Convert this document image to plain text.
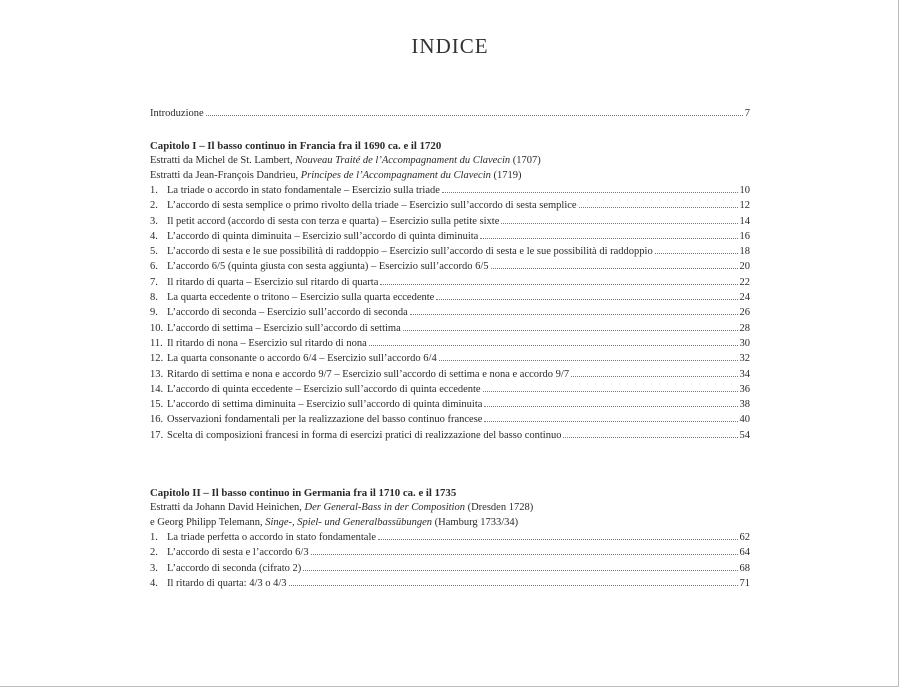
INDICE
Introduzione	7
Capitolo I – Il basso continuo in Francia fra il 1690 ca. e il 1720
Estratti da Michel de St. Lambert, Nouveau Traité de l’Accompagnament du Clavecin (1707)
Estratti da Jean-François Dandrieu, Principes de l’Accompagnament du Clavecin (1719)
1. La triade o accordo in stato fondamentale – Esercizio sulla triade	10
2. L’accordo di sesta semplice o primo rivolto della triade – Esercizio sull’accordo di sesta semplice	12
3. Il petit accord (accordo di sesta con terza e quarta) – Esercizio sulla petite sixte	14
4. L’accordo di quinta diminuita – Esercizio sull’accordo di quinta diminuita	16
5. L’accordo di sesta e le sue possibilità di raddoppio – Esercizio sull’accordo di sesta e le sue possibilità di raddoppio	18
6. L’accordo 6/5 (quinta giusta con sesta aggiunta) – Esercizio sull’accordo 6/5	20
7. Il ritardo di quarta – Esercizio sul ritardo di quarta	22
8. La quarta eccedente o tritono – Esercizio sulla quarta eccedente	24
9. L’accordo di seconda – Esercizio sull’accordo di seconda	26
10. L’accordo di settima – Esercizio sull’accordo di settima	28
11. Il ritardo di nona – Esercizio sul ritardo di nona	30
12. La quarta consonante o accordo 6/4 – Esercizio sull’accordo 6/4	32
13. Ritardo di settima e nona e accordo 9/7 – Esercizio sull’accordo di settima e nona e accordo 9/7	34
14. L’accordo di quinta eccedente – Esercizio sull’accordo di quinta eccedente	36
15. L’accordo di settima diminuita – Esercizio sull’accordo di quinta diminuita	38
16. Osservazioni fondamentali per la realizzazione del basso continuo francese	40
17. Scelta di composizioni francesi in forma di esercizi pratici di realizzazione del basso continuo	54
Capitolo II – Il basso continuo in Germania fra il 1710 ca. e il 1735
Estratti da Johann David Heinichen, Der General-Bass in der Composition (Dresden 1728)
e Georg Philipp Telemann, Singe-, Spiel- und Generalbassübungen (Hamburg 1733/34)
1. La triade perfetta o accordo in stato fondamentale	62
2. L’accordo di sesta e l’accordo 6/3	64
3. L’accordo di seconda (cifrato 2)	68
4. Il ritardo di quarta: 4/3 o 4/3	71
